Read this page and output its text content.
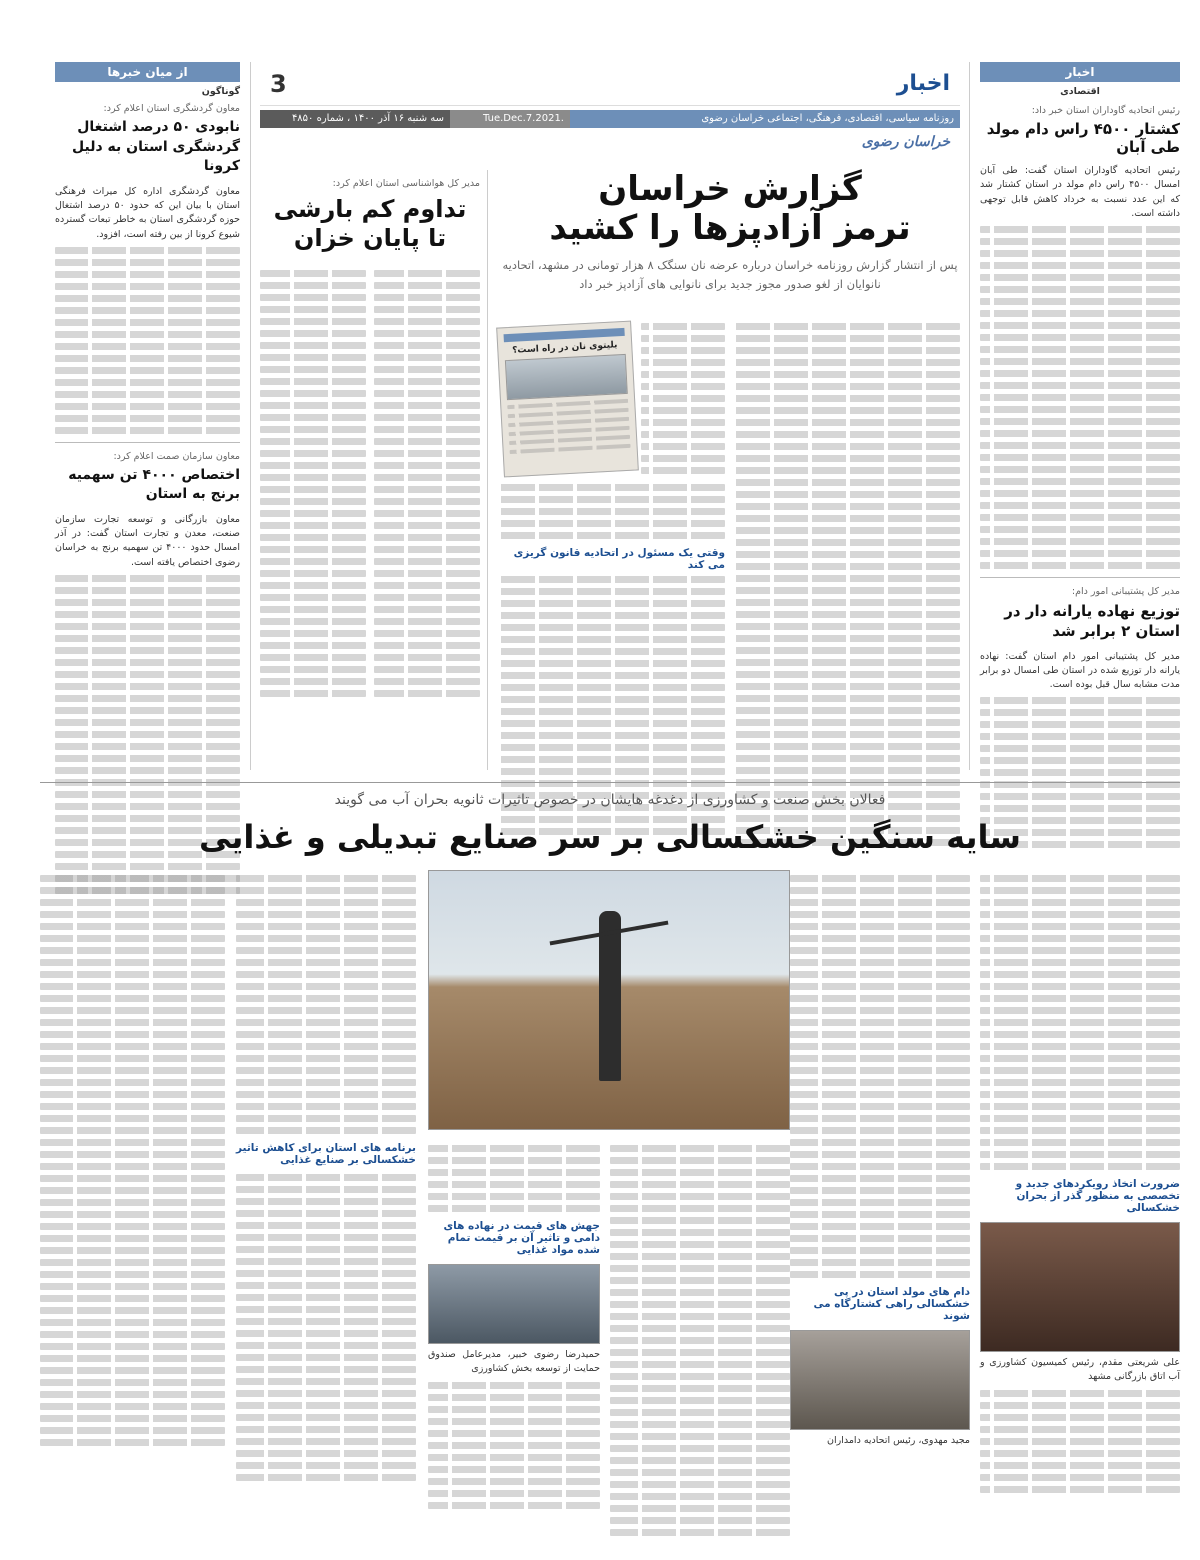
اخبار
اقتصادی
رئیس اتحادیه گاوداران استان خبر داد:
کشتار ۴۵۰۰ راس دام مولد طی آبان
رئیس اتحادیه گاوداران استان گفت: طی آبان امسال ۴۵۰۰ راس دام مولد در استان کشتار شد که این عدد نسبت به خرداد کاهش قابل توجهی داشته است.
مدیر کل پشتیبانی امور دام:
توزیع نهاده یارانه دار در استان ۲ برابر شد
مدیر کل پشتیبانی امور دام استان گفت: نهاده یارانه دار توزیع شده در استان طی امسال دو برابر مدت مشابه سال قبل بوده است.
از میان خبرها
گوناگون
معاون گردشگری استان اعلام کرد:
نابودی ۵۰ درصد اشتغال گردشگری استان به دلیل کرونا
معاون گردشگری اداره کل میراث فرهنگی استان با بیان این که حدود ۵۰ درصد اشتغال حوزه گردشگری استان به خاطر تبعات گسترده شیوع کرونا از بین رفته است، افزود.
معاون سازمان صمت اعلام کرد:
اختصاص ۴۰۰۰ تن سهمیه برنج به استان
معاون بازرگانی و توسعه تجارت سازمان صنعت، معدن و تجارت استان گفت: در آذر امسال حدود ۴۰۰۰ تن سهمیه برنج به خراسان رضوی اختصاص یافته است.
اخبار
3
روزنامه سیاسی، اقتصادی، فرهنگی، اجتماعی خراسان رضوی
Tue.Dec.7.2021. No.4850
سه شنبه ۱۶ آذر ۱۴۰۰ ، شماره ۴۸۵۰
خراسان رضوی
گزارش خراسان
ترمز آزادپزها را کشید
پس از انتشار گزارش روزنامه خراسان درباره عرضه نان سنگک ۸ هزار تومانی در مشهد، اتحادیه نانوایان از لغو صدور مجوز جدید برای نانوایی های آزادپز خبر داد
بلیتوی نان در راه است؟
وقتی یک مسئول در اتحادیه قانون گریزی می کند
مدیر کل هواشناسی استان اعلام کرد:
تداوم کم بارشی
تا پایان خزان
فعالان بخش صنعت و کشاورزی از دغدغه هایشان در خصوص تاثیرات ثانویه بحران آب می گویند
سایه سنگین خشکسالی بر سر صنایع تبدیلی و غذایی
ضرورت اتخاذ رویکردهای جدید و تخصصی به منظور گذر از بحران خشکسالی
علی شریعتی مقدم، رئیس کمیسیون کشاورزی و آب اتاق بازرگانی مشهد
دام های مولد استان در پی خشکسالی راهی کشتارگاه می شوند
مجید مهدوی، رئیس اتحادیه دامداران
جهش های قیمت در نهاده های دامی و تاثیر آن بر قیمت تمام شده مواد غذایی
حمیدرضا رضوی خبیر، مدیرعامل صندوق حمایت از توسعه بخش کشاورزی
برنامه های استان برای کاهش تاثیر خشکسالی بر صنایع غذایی
